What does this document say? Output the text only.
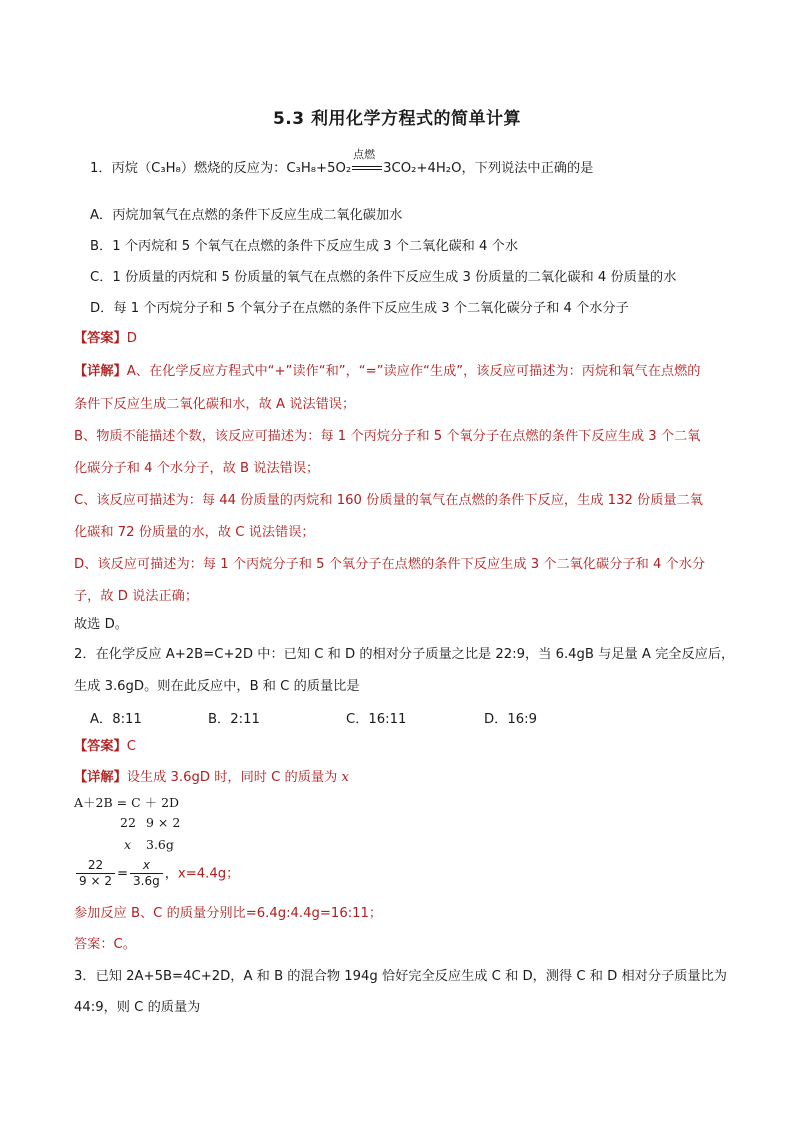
5.3 利用化学方程式的简单计算
1．丙烷（C₃H₈）燃烧的反应为：C₃H₈+5O₂
点燃
3CO₂+4H₂O，下列说法中正确的是
A．丙烷加氧气在点燃的条件下反应生成二氧化碳加水
B．1 个丙烷和 5 个氧气在点燃的条件下反应生成 3 个二氧化碳和 4 个水
C．1 份质量的丙烷和 5 份质量的氧气在点燃的条件下反应生成 3 份质量的二氧化碳和 4 份质量的水
D．每 1 个丙烷分子和 5 个氧分子在点燃的条件下反应生成 3 个二氧化碳分子和 4 个水分子
【答案】D
【详解】A、在化学反应方程式中“+”读作“和”，“=”读应作“生成”，该反应可描述为：丙烷和氧气在点燃的
条件下反应生成二氧化碳和水，故 A 说法错误；
B、物质不能描述个数，该反应可描述为：每 1 个丙烷分子和 5 个氧分子在点燃的条件下反应生成 3 个二氧
化碳分子和 4 个水分子，故 B 说法错误；
C、该反应可描述为：每 44 份质量的丙烷和 160 份质量的氧气在点燃的条件下反应，生成 132 份质量二氧
化碳和 72 份质量的水，故 C 说法错误；
D、该反应可描述为：每 1 个丙烷分子和 5 个氧分子在点燃的条件下反应生成 3 个二氧化碳分子和 4 个水分
子，故 D 说法正确；
故选 D。
2．在化学反应 A+2B=C+2D 中：已知 C 和 D 的相对分子质量之比是 22:9，当 6.4gB 与足量 A 完全反应后，
生成 3.6gD。则在此反应中，B 和 C 的质量比是
A．8:11	B．2:11	C．16:11	D．16:9
【答案】C
【详解】设生成 3.6gD 时，同时 C 的质量为 x
A＋2B = C ＋ 2D
22 9 × 2
x 3.6g
$\frac{22}{9 \times 2} = \frac{x}{3.6g}$ ，x=4.4g；
参加反应 B、C 的质量分别比=6.4g:4.4g=16:11；
答案：C。
3．已知 2A+5B=4C+2D，A 和 B 的混合物 194g 恰好完全反应生成 C 和 D，测得 C 和 D 相对分子质量比为
44:9，则 C 的质量为
